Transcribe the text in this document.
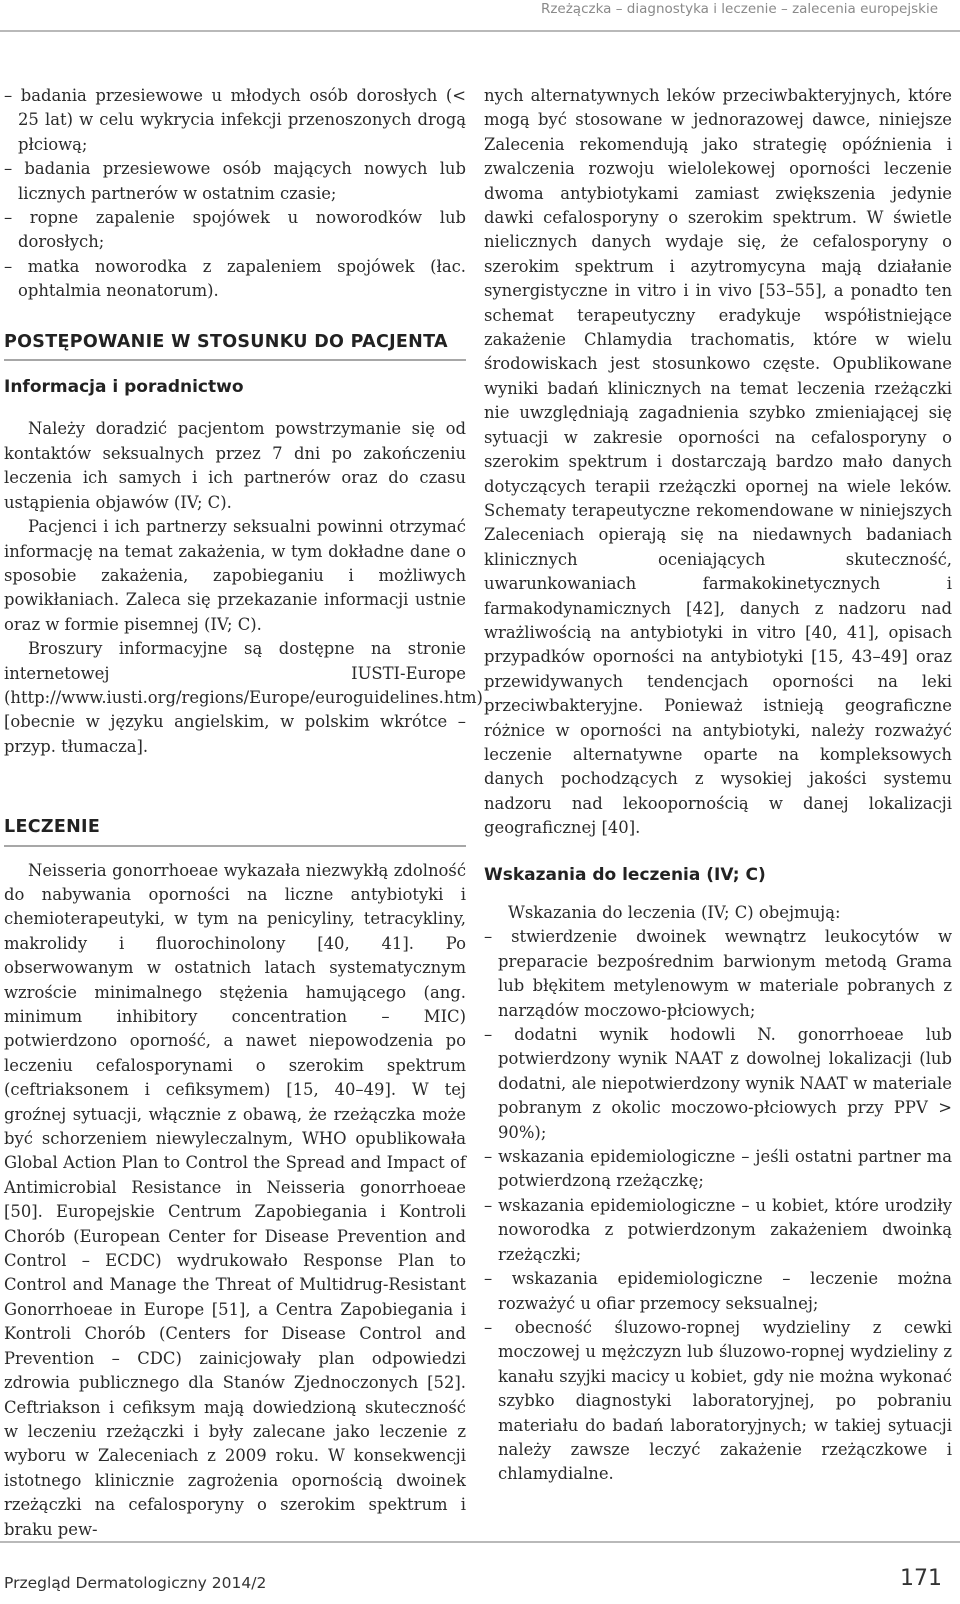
Rzeżączka – diagnostyka i leczenie – zalecenia europejskie
– badania przesiewowe u młodych osób dorosłych (< 25 lat) w celu wykrycia infekcji przenoszonych drogą płciową;
– badania przesiewowe osób mających nowych lub licznych partnerów w ostatnim czasie;
– ropne zapalenie spojówek u noworodków lub dorosłych;
– matka noworodka z zapaleniem spojówek (łac. ophtalmia neonatorum).
POSTĘPOWANIE W STOSUNKU DO PACJENTA
Informacja i poradnictwo

Należy doradzić pacjentom powstrzymanie się od kontaktów seksualnych przez 7 dni po zakończeniu leczenia ich samych i ich partnerów oraz do czasu ustąpienia objawów (IV; C).

Pacjenci i ich partnerzy seksualni powinni otrzymać informację na temat zakażenia, w tym dokładne dane o sposobie zakażenia, zapobieganiu i możliwych powikłaniach. Zaleca się przekazanie informacji ustnie oraz w formie pisemnej (IV; C).

Broszury informacyjne są dostępne na stronie internetowej IUSTI-Europe (http://www.iusti.org/regions/Europe/euroguidelines.htm) [obecnie w języku angielskim, w polskim wkrótce – przyp. tłumacza].

LECZENIE

Neisseria gonorrhoeae wykazała niezwykłą zdolność do nabywania oporności na liczne antybiotyki i chemioterapeutyki, w tym na penicyliny, tetracykliny, makrolidy i fluorochinolony [40, 41]. Po obserwowanym w ostatnich latach systematycznym wzroście minimalnego stężenia hamującego (ang. minimum inhibitory concentration – MIC) potwierdzono oporność, a nawet niepowodzenia po leczeniu cefalosporynami o szerokim spektrum (ceftriaksonem i cefiksymem) [15, 40–49]. W tej groźnej sytuacji, włącznie z obawą, że rzeżączka może być schorzeniem niewyleczalnym, WHO opublikowała Global Action Plan to Control the Spread and Impact of Antimicrobial Resistance in Neisseria gonorrhoeae [50]. Europejskie Centrum Zapobiegania i Kontroli Chorób (European Center for Disease Prevention and Control – ECDC) wydrukowało Response Plan to Control and Manage the Threat of Multidrug-Resistant Gonorrhoeae in Europe [51], a Centra Zapobiegania i Kontroli Chorób (Centers for Disease Control and Prevention – CDC) zainicjowały plan odpowiedzi zdrowia publicznego dla Stanów Zjednoczonych [52]. Ceftriakson i cefiksym mają dowiedzioną skuteczność w leczeniu rzeżączki i były zalecane jako leczenie z wyboru w Zaleceniach z 2009 roku. W konsekwencji istotnego klinicznie zagrożenia opornością dwoinek rzeżączki na cefalosporyny o szerokim spektrum i braku pew-

nych alternatywnych leków przeciwbakteryjnych, które mogą być stosowane w jednorazowej dawce, niniejsze Zalecenia rekomendują jako strategię opóźnienia i zwalczenia rozwoju wielolekowej oporności leczenie dwoma antybiotykami zamiast zwiększenia jedynie dawki cefalosporyny o szerokim spektrum. W świetle nielicznych danych wydaje się, że cefalosporyny o szerokim spektrum i azytromycyna mają działanie synergistyczne in vitro i in vivo [53–55], a ponadto ten schemat terapeutyczny eradykuje współistniejące zakażenie Chlamydia trachomatis, które w wielu środowiskach jest stosunkowo częste. Opublikowane wyniki badań klinicznych na temat leczenia rzeżączki nie uwzględniają zagadnienia szybko zmieniającej się sytuacji w zakresie oporności na cefalosporyny o szerokim spektrum i dostarczają bardzo mało danych dotyczących terapii rzeżączki opornej na wiele leków. Schematy terapeutyczne rekomendowane w niniejszych Zaleceniach opierają się na niedawnych badaniach klinicznych oceniających skuteczność, uwarunkowaniach farmakokinetycznych i farmakodynamicznych [42], danych z nadzoru nad wrażliwością na antybiotyki in vitro [40, 41], opisach przypadków oporności na antybiotyki [15, 43–49] oraz przewidywanych tendencjach oporności na leki przeciwbakteryjne. Ponieważ istnieją geograficzne różnice w oporności na antybiotyki, należy rozważyć leczenie alternatywne oparte na kompleksowych danych pochodzących z wysokiej jakości systemu nadzoru nad lekoopornością w danej lokalizacji geograficznej [40].

Wskazania do leczenia (IV; C)

Wskazania do leczenia (IV; C) obejmują:

– stwierdzenie dwoinek wewnątrz leukocytów w preparacie bezpośrednim barwionym metodą Grama lub błękitem metylenowym w materiale pobranych z narządów moczowo-płciowych;
– dodatni wynik hodowli N. gonorrhoeae lub potwierdzony wynik NAAT z dowolnej lokalizacji (lub dodatni, ale niepotwierdzony wynik NAAT w materiale pobranym z okolic moczowo-płciowych przy PPV > 90%);
– wskazania epidemiologiczne – jeśli ostatni partner ma potwierdzoną rzeżączkę;
– wskazania epidemiologiczne – u kobiet, które urodziły noworodka z potwierdzonym zakażeniem dwoinką rzeżączki;
– wskazania epidemiologiczne – leczenie można rozważyć u ofiar przemocy seksualnej;
– obecność śluzowo-ropnej wydzieliny z cewki moczowej u mężczyzn lub śluzowo-ropnej wydzieliny z kanału szyjki macicy u kobiet, gdy nie można wykonać szybko diagnostyki laboratoryjnej, po pobraniu materiału do badań laboratoryjnych; w takiej sytuacji należy zawsze leczyć zakażenie rzeżączkowe i chlamydialne.
Przegląd Dermatologiczny 2014/2	171
